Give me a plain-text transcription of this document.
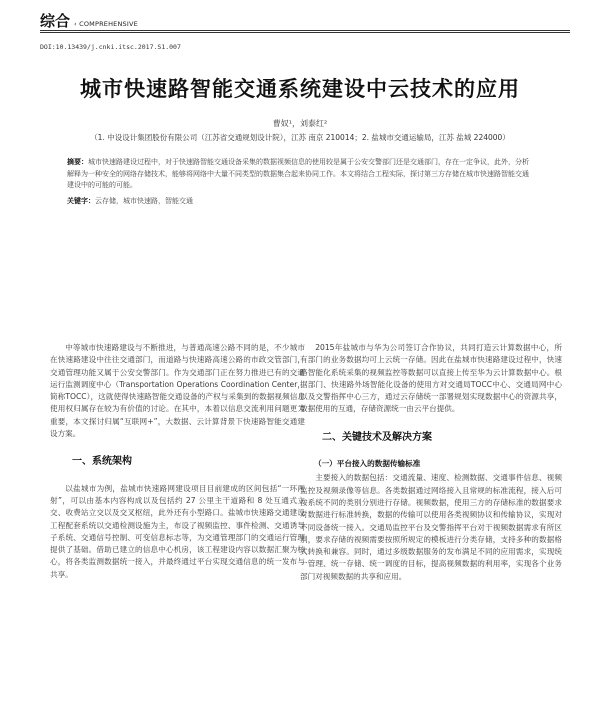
综合 ‹ COMPREHENSIVE
DOI:10.13439/j.cnki.itsc.2017.S1.007
城市快速路智能交通系统建设中云技术的应用
曹奴¹，刘泰红²
（1. 中设设计集团股份有限公司（江苏省交通规划设计院），江苏 南京 210014；2. 盐城市交通运输局，江苏 盐城 224000）
摘要：城市快速路建设过程中，对于快速路智能交通设备采集的数据视频信息的使用较是属于公安交警部门还是交通部门，存在一定争议，此外，分析解释为一种安全的网络存储技术，能够将网络中大量不同类型的数据集合起来协同工作。本文将结合工程实际，探讨第三方存储在城市快速路智能交通建设中的可能的可能。
关键字：云存储，城市快速路，智能交通

中等城市快速路建设与不断推进，与普通高速公路不同的是，不少城市在快速路建设中往往交通部门，而道路与快速路高速公路的市政交管部门，交通管理功能又属于公安交警部门。作为交通部门正在努力推进已有的交通运行监测调度中心（Transportation Operations Coordination Center，简称TOCC），这就使得快速路智能交通设备的产权与采集到的数据视频信息使用权归属存在较为有价值的讨论。在其中，本着以信息交流利用问题更为重要，本文探讨归属“互联网+”，大数据、云计算背景下快速路智能交通建设方案。

一、系统架构

以盐城市为例，盐城市快速路网建设项目目前建成的区间包括“一环两射”，可以由基本内容构成以及包括约 27 公里主干道路和 8 处互通式立交、收费站立交以及交叉枢纽，此外还有小型路口。盐城市快速路交通建设工程配套系统以交通检测设施为主，布设了视频监控、事件检测、交通诱导子系统、交通信号控制、可变信息标志等，为交通管理部门的交通运行管理提供了基础。借助已建立的信息中心机房，该工程建设内容以数据汇聚为核心，将各类监测数据统一接入，并最终通过平台实现交通信息的统一发布与共享。

2015年盐城市与华为公司签订合作协议，共同打造云计算数据中心，所有部门的业务数据均可上云统一存储。因此在盐城市快速路建设过程中，快速路智能化系统采集的视频监控等数据可以直接上传至华为云计算数据中心。根据部门、快速路外场智能化设备的使用方对交通局TOCC中心、交通局网中心以及交警指挥中心三方，通过云存储统一部署规划实现数据中心的资源共享，数据使用的互通，存储资源统一由云平台提供。

二、关键技术及解决方案
（一）平台接入的数据传输标准

主要接入的数据包括：交通流量、速度、检测数据、交通事件信息、视频监控及视频录像等信息。各类数据通过网络接入且常规的标准流程，接入后可按系统不同的类别分别进行存储。视频数据，使用三方的存储标准的数据要求对数据进行标准转换，数据的传输可以使用各类视频协议和传输协议，实现对不同设备统一接入。交通局监控平台及交警指挥平台对于视频数据需求有所区别，要求存储的视频需要按照所规定的模板进行分类存储，支持多种的数据格式转换和兼容。同时，通过多级数据服务的发布满足不同的应用需求，实现统一管理、统一存储、统一调度的目标，提高视频数据的利用率，实现各个业务部门对视频数据的共享和应用。
